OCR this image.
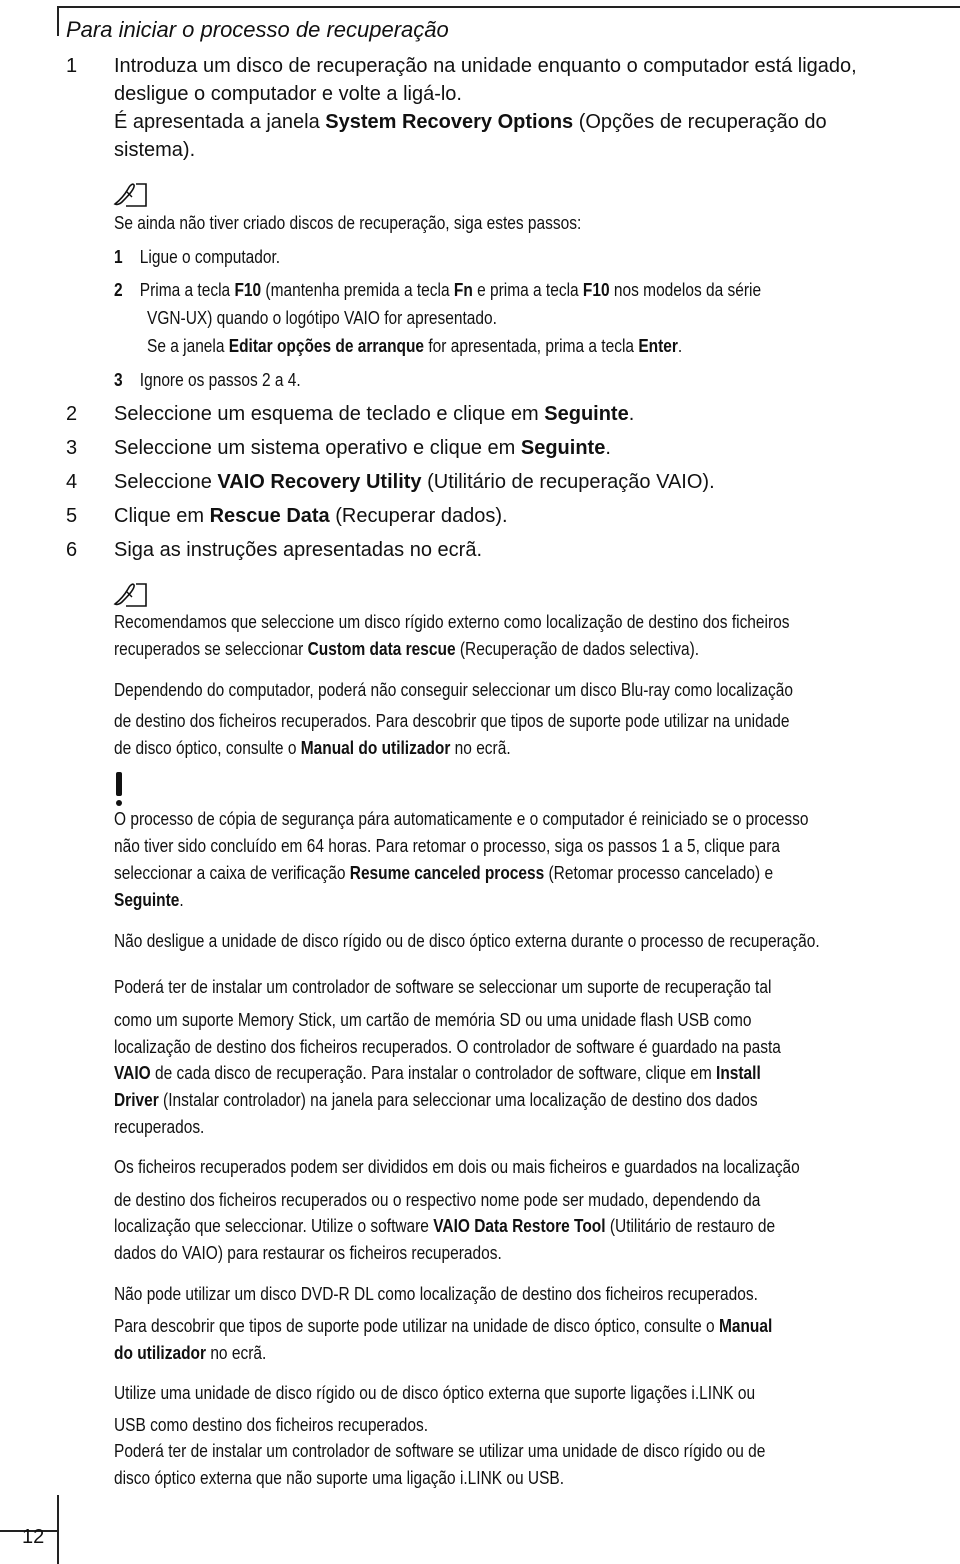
12
Para iniciar o processo de recuperação
1	Introduza um disco de recuperação na unidade enquanto o computador está ligado,
desligue o computador e volte a ligá-lo.
É apresentada a janela System Recovery Options (Opções de recuperação do
sistema).
Se ainda não tiver criado discos de recuperação, siga estes passos:
1 Ligue o computador.
2 Prima a tecla F10 (mantenha premida a tecla Fn e prima a tecla F10 nos modelos da série
VGN-UX) quando o logótipo VAIO for apresentado.
Se a janela Editar opções de arranque for apresentada, prima a tecla Enter.
3 Ignore os passos 2 a 4.
2	Seleccione um esquema de teclado e clique em Seguinte.
3	Seleccione um sistema operativo e clique em Seguinte.
4	Seleccione VAIO Recovery Utility (Utilitário de recuperação VAIO).
5	Clique em Rescue Data (Recuperar dados).
6	Siga as instruções apresentadas no ecrã.
Recomendamos que seleccione um disco rígido externo como localização de destino dos ficheiros
recuperados se seleccionar Custom data rescue (Recuperação de dados selectiva).
Dependendo do computador, poderá não conseguir seleccionar um disco Blu-ray como localização
de destino dos ficheiros recuperados. Para descobrir que tipos de suporte pode utilizar na unidade
de disco óptico, consulte o Manual do utilizador no ecrã.
O processo de cópia de segurança pára automaticamente e o computador é reiniciado se o processo
não tiver sido concluído em 64 horas. Para retomar o processo, siga os passos 1 a 5, clique para
seleccionar a caixa de verificação Resume canceled process (Retomar processo cancelado) e
Seguinte.
Não desligue a unidade de disco rígido ou de disco óptico externa durante o processo de recuperação.
Poderá ter de instalar um controlador de software se seleccionar um suporte de recuperação tal
como um suporte Memory Stick, um cartão de memória SD ou uma unidade flash USB como
localização de destino dos ficheiros recuperados. O controlador de software é guardado na pasta
VAIO de cada disco de recuperação. Para instalar o controlador de software, clique em Install
Driver (Instalar controlador) na janela para seleccionar uma localização de destino dos dados
recuperados.
Os ficheiros recuperados podem ser divididos em dois ou mais ficheiros e guardados na localização
de destino dos ficheiros recuperados ou o respectivo nome pode ser mudado, dependendo da
localização que seleccionar. Utilize o software VAIO Data Restore Tool (Utilitário de restauro de
dados do VAIO) para restaurar os ficheiros recuperados.
Não pode utilizar um disco DVD-R DL como localização de destino dos ficheiros recuperados.
Para descobrir que tipos de suporte pode utilizar na unidade de disco óptico, consulte o Manual
do utilizador no ecrã.
Utilize uma unidade de disco rígido ou de disco óptico externa que suporte ligações i.LINK ou
USB como destino dos ficheiros recuperados.
Poderá ter de instalar um controlador de software se utilizar uma unidade de disco rígido ou de
disco óptico externa que não suporte uma ligação i.LINK ou USB.
